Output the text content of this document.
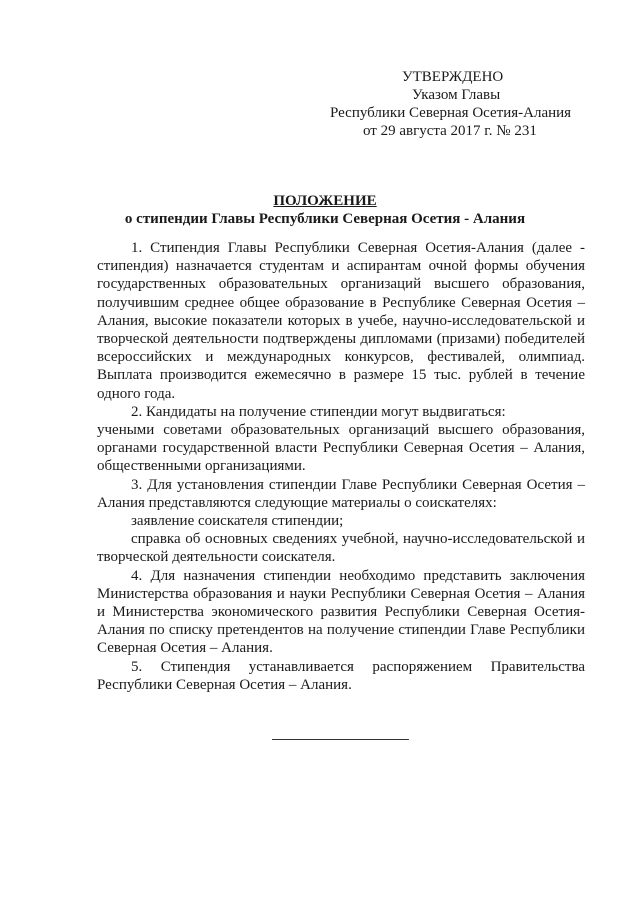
УТВЕРЖДЕНО
Указом Главы
Республики Северная Осетия-Алания
от 29 августа 2017 г. № 231
ПОЛОЖЕНИЕ
о стипендии Главы Республики Северная Осетия - Алания

1. Стипендия Главы Республики Северная Осетия-Алания (далее - стипендия) назначается студентам и аспирантам очной формы обучения государственных образовательных организаций высшего образования, получившим среднее общее образование в Республике Северная Осетия – Алания, высокие показатели которых в учебе, научно-исследовательской и творческой деятельности подтверждены дипломами (призами) победителей всероссийских и международных конкурсов, фестивалей, олимпиад. Выплата производится ежемесячно в размере 15 тыс. рублей в течение одного года.

2. Кандидаты на получение стипендии могут выдвигаться:

учеными советами образовательных организаций высшего образования, органами государственной власти Республики Северная Осетия – Алания, общественными организациями.

3. Для установления стипендии Главе Республики Северная Осетия – Алания представляются следующие материалы о соискателях:

заявление соискателя стипендии;

справка об основных сведениях учебной, научно-исследовательской и творческой деятельности соискателя.

4. Для назначения стипендии необходимо представить заключения Министерства образования и науки Республики Северная Осетия – Алания и Министерства экономического развития Республики Северная Осетия-Алания по списку претендентов на получение стипендии Главе Республики Северная Осетия – Алания.

5. Стипендия устанавливается распоряжением Правительства Республики Северная Осетия – Алания.
